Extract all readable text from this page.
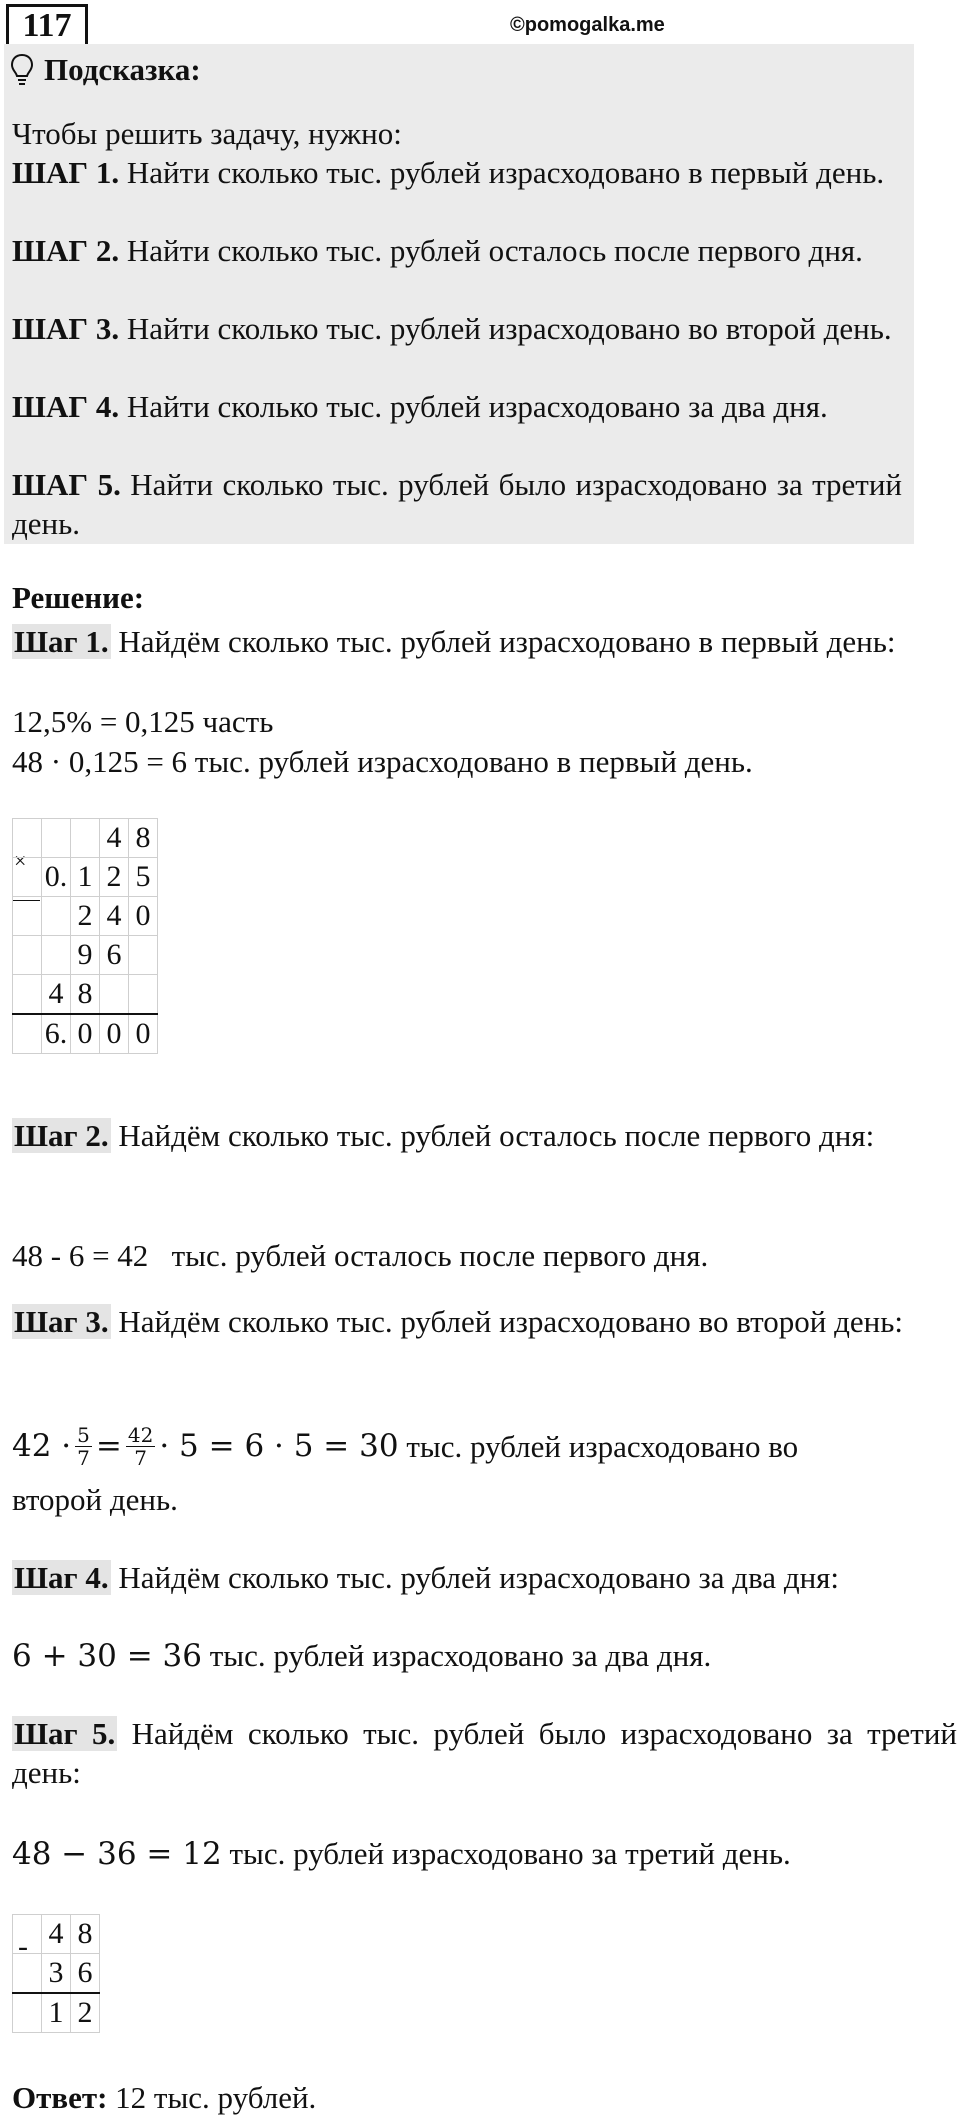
117	©pomogalka.me
Подсказка:
Чтобы решить задачу, нужно:
ШАГ 1. Найти сколько тыс. рублей израсходовано в первый день.
ШАГ 2. Найти сколько тыс. рублей осталось после первого дня.
ШАГ 3. Найти сколько тыс. рублей израсходовано во второй день.
ШАГ 4. Найти сколько тыс. рублей израсходовано за два дня.
ШАГ 5. Найти сколько тыс. рублей было израсходовано за третий день.
Решение:
Шаг 1. Найдём сколько тыс. рублей израсходовано в первый день:
12,5% = 0,125 часть
48 · 0,125 = 6 тыс. рублей израсходовано в первый день.
×
			4	8
	0.	1	2	5
		2	4	0
		9	6	
	4	8		
	6.	0	0	0
Шаг 2. Найдём сколько тыс. рублей осталось после первого дня:
48 - 6 = 42 тыс. рублей осталось после первого дня.
Шаг 3. Найдём сколько тыс. рублей израсходовано во второй день:
$42 \cdot \frac{5}{7} = \frac{42}{7} \cdot 5 = 6 \cdot 5 = 30$
тыс. рублей израсходовано во
второй день.
Шаг 4. Найдём сколько тыс. рублей израсходовано за два дня:
6 + 30 = 36 тыс. рублей израсходовано за два дня.
Шаг 5. Найдём сколько тыс. рублей было израсходовано за третий день:
48 − 36 = 12 тыс. рублей израсходовано за третий день.
-
	4	8
	3	6
	1	2
Ответ: 12 тыс. рублей.
